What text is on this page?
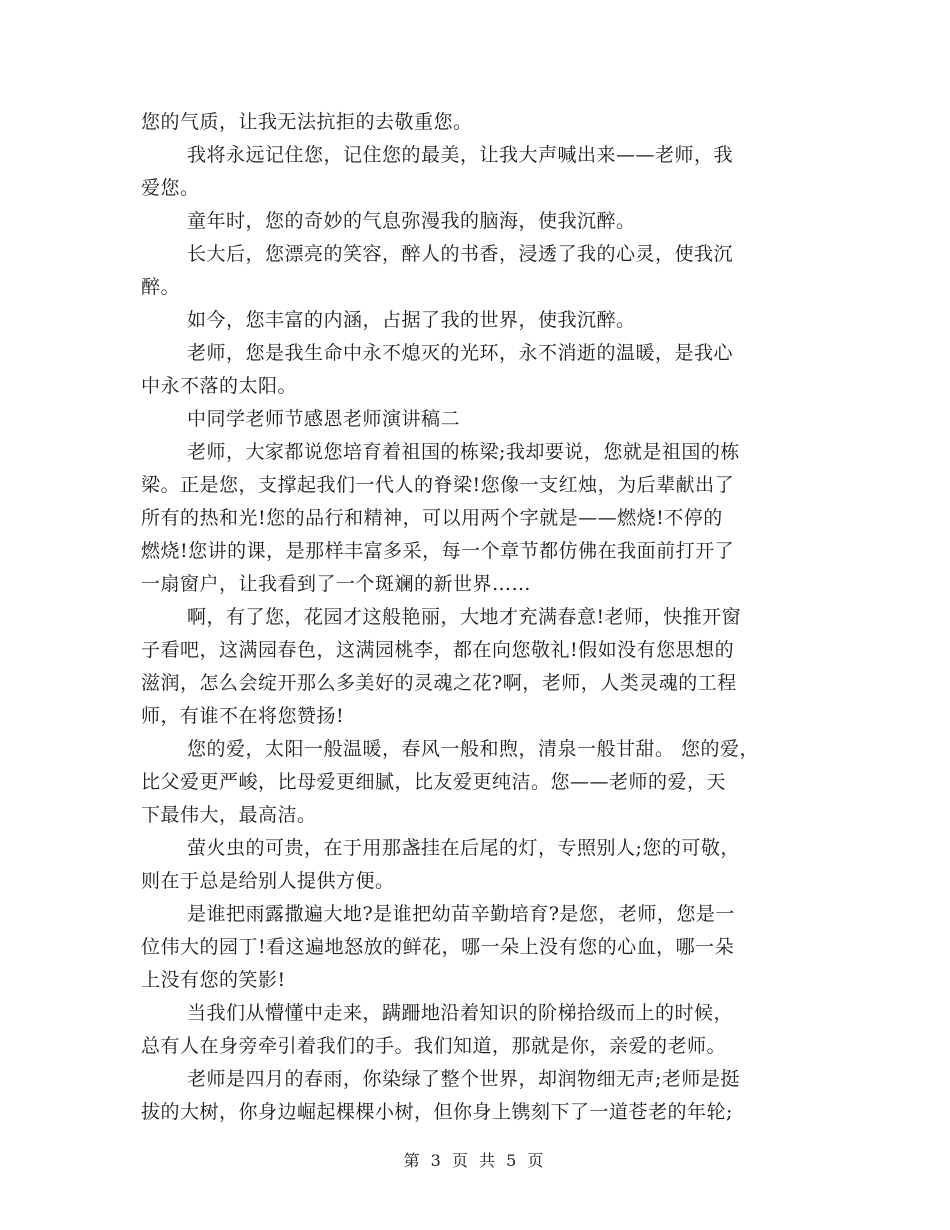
您的气质，让我无法抗拒的去敬重您。
我将永远记住您，记住您的最美，让我大声喊出来——老师，我
爱您。
童年时，您的奇妙的气息弥漫我的脑海，使我沉醉。
长大后，您漂亮的笑容，醉人的书香，浸透了我的心灵，使我沉
醉。
如今，您丰富的内涵，占据了我的世界，使我沉醉。
老师，您是我生命中永不熄灭的光环，永不消逝的温暖，是我心
中永不落的太阳。
中同学老师节感恩老师演讲稿二
老师，大家都说您培育着祖国的栋梁;我却要说，您就是祖国的栋
梁。正是您，支撑起我们一代人的脊梁!您像一支红烛，为后辈献出了
所有的热和光!您的品行和精神，可以用两个字就是——燃烧!不停的
燃烧!您讲的课，是那样丰富多采，每一个章节都仿佛在我面前打开了
一扇窗户，让我看到了一个斑斓的新世界……
啊，有了您，花园才这般艳丽，大地才充满春意!老师，快推开窗
子看吧，这满园春色，这满园桃李，都在向您敬礼!假如没有您思想的
滋润，怎么会绽开那么多美好的灵魂之花?啊，老师，人类灵魂的工程
师，有谁不在将您赞扬!
您的爱，太阳一般温暖，春风一般和煦，清泉一般甘甜。 您的爱，
比父爱更严峻，比母爱更细腻，比友爱更纯洁。您——老师的爱，天
下最伟大，最高洁。
萤火虫的可贵，在于用那盏挂在后尾的灯，专照别人;您的可敬，
则在于总是给别人提供方便。
是谁把雨露撒遍大地?是谁把幼苗辛勤培育?是您，老师，您是一
位伟大的园丁!看这遍地怒放的鲜花，哪一朵上没有您的心血，哪一朵
上没有您的笑影!
当我们从懵懂中走来，蹒跚地沿着知识的阶梯拾级而上的时候，
总有人在身旁牵引着我们的手。我们知道，那就是你，亲爱的老师。
老师是四月的春雨，你染绿了整个世界，却润物细无声;老师是挺
拔的大树，你身边崛起棵棵小树，但你身上镌刻下了一道苍老的年轮;
第 3 页 共 5 页
